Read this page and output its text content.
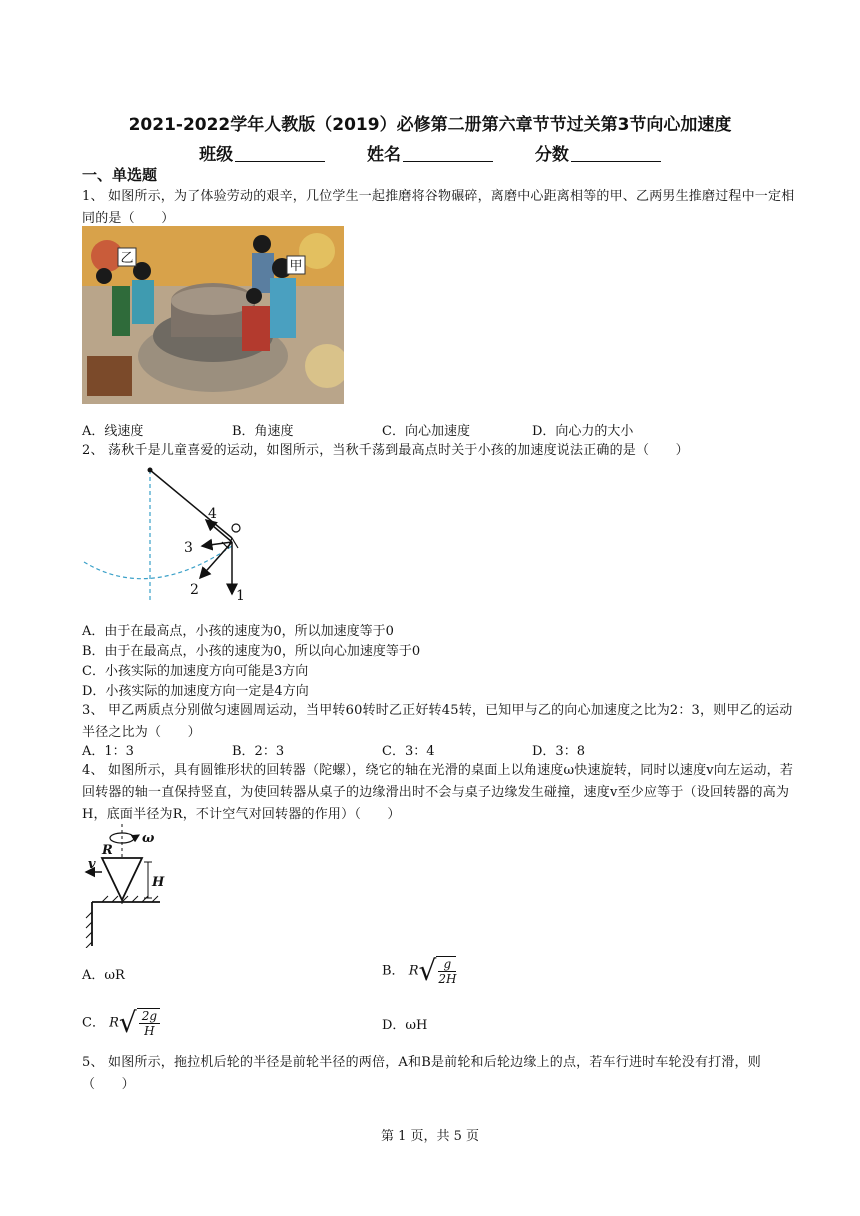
2021-2022学年人教版（2019）必修第二册第六章节节过关第3节向心加速度
班级	姓名	分数
一、单选题
1、 如图所示，为了体验劳动的艰辛，几位学生一起推磨将谷物碾碎，离磨中心距离相等的甲、乙两男生推磨过程中一定相同的是（　　）
乙
甲
A．线速度	B．角速度	C．向心加速度	D．向心力的大小
2、 荡秋千是儿童喜爱的运动，如图所示，当秋千荡到最高点时关于小孩的加速度说法正确的是（　　）
1
2
3
4
A．由于在最高点，小孩的速度为0，所以加速度等于0
B．由于在最高点，小孩的速度为0，所以向心加速度等于0
C．小孩实际的加速度方向可能是3方向
D．小孩实际的加速度方向一定是4方向
3、 甲乙两质点分别做匀速圆周运动，当甲转60转时乙正好转45转，已知甲与乙的向心加速度之比为2：3，则甲乙的运动半径之比为（　　）
A．1：3	B．2：3	C．3：4	D．3：8
4、 如图所示，具有圆锥形状的回转器（陀螺），绕它的轴在光滑的桌面上以角速度ω快速旋转，同时以速度v向左运动，若回转器的轴一直保持竖直，为使回转器从桌子的边缘滑出时不会与桌子边缘发生碰撞，速度v至少应等于（设回转器的高为H，底面半径为R，不计空气对回转器的作用）（　　）
ω
R
v
H
A．ωR	B． $R√ \frac{g}{2H}$
C． $R√ \frac{2g}{H}$	D．ωH
5、 如图所示，拖拉机后轮的半径是前轮半径的两倍，A和B是前轮和后轮边缘上的点，若车行进时车轮没有打滑，则（　　）
第 1 页，共 5 页
